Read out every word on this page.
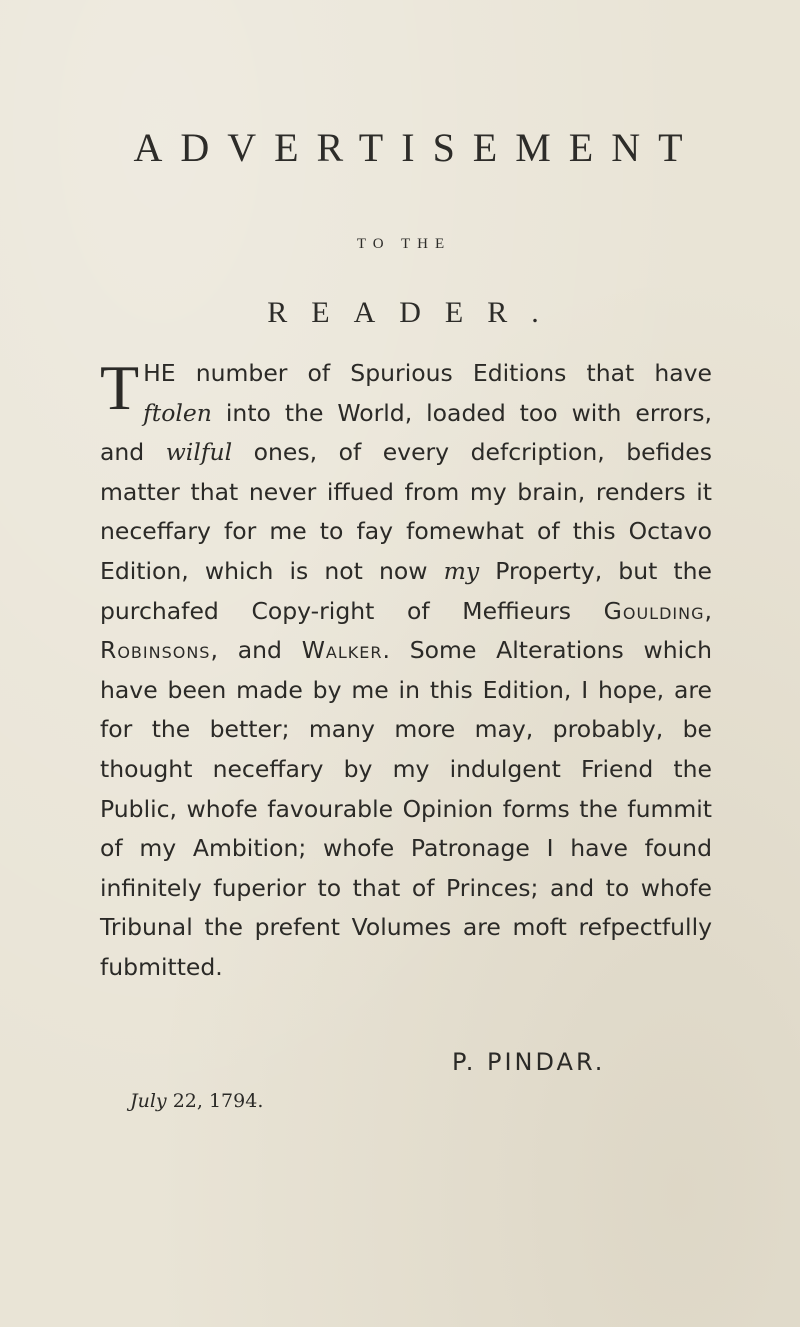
ADVERTISEMENT
TO THE
READER.
THE number of Spurious Editions that have ftolen into the World, loaded too with errors, and wilful ones, of every defcription, befides matter that never iffued from my brain, renders it neceffary for me to fay fomewhat of this Octavo Edition, which is not now my Property, but the purchafed Copy-right of Meffieurs Goulding, Robinsons, and Walker. Some Alterations which have been made by me in this Edition, I hope, are for the better; many more may, probably, be thought neceffary by my indulgent Friend the Public, whofe favourable Opinion forms the fummit of my Ambition; whofe Patronage I have found infinitely fuperior to that of Princes; and to whofe Tribunal the prefent Volumes are moft refpectfully fubmitted.
P. PINDAR.
July 22, 1794.
